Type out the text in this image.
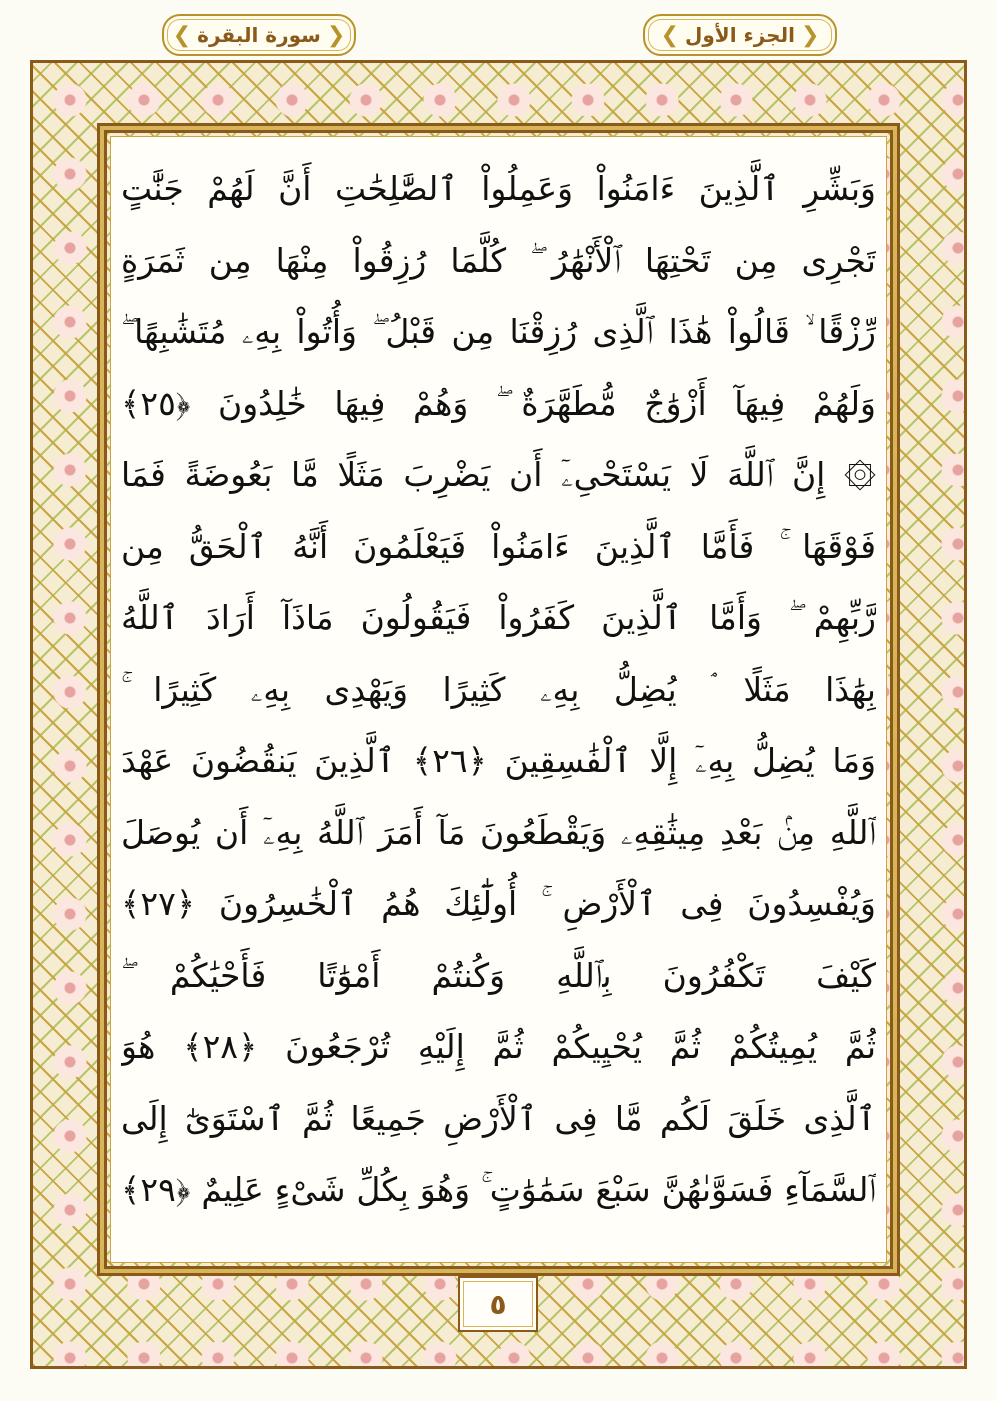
❮ سورة البقرة ❯	❮ الجزء الأول ❯
وَبَشِّرِ ٱلَّذِينَ ءَامَنُواْ وَعَمِلُواْ ٱلصَّٰلِحَٰتِ أَنَّ لَهُمْ جَنَّٰتٍ
تَجْرِى مِن تَحْتِهَا ٱلْأَنْهَٰرُ ۖ كُلَّمَا رُزِقُواْ مِنْهَا مِن ثَمَرَةٍ
رِّزْقًا ۙ قَالُواْ هَٰذَا ٱلَّذِى رُزِقْنَا مِن قَبْلُ ۖ وَأُتُواْ بِهِۦ مُتَشَٰبِهًا ۖ
وَلَهُمْ فِيهَآ أَزْوَٰجٌ مُّطَهَّرَةٌ ۖ وَهُمْ فِيهَا خَٰلِدُونَ ﴿٢٥﴾
۞ إِنَّ ٱللَّهَ لَا يَسْتَحْىِۦٓ أَن يَضْرِبَ مَثَلًا مَّا بَعُوضَةً فَمَا
فَوْقَهَا ۚ فَأَمَّا ٱلَّذِينَ ءَامَنُواْ فَيَعْلَمُونَ أَنَّهُ ٱلْحَقُّ مِن
رَّبِّهِمْ ۖ وَأَمَّا ٱلَّذِينَ كَفَرُواْ فَيَقُولُونَ مَاذَآ أَرَادَ ٱللَّهُ
بِهَٰذَا مَثَلًا ۘ يُضِلُّ بِهِۦ كَثِيرًا وَيَهْدِى بِهِۦ كَثِيرًا ۚ
وَمَا يُضِلُّ بِهِۦٓ إِلَّا ٱلْفَٰسِقِينَ ﴿٢٦﴾ ٱلَّذِينَ يَنقُضُونَ عَهْدَ
ٱللَّهِ مِنۢ بَعْدِ مِيثَٰقِهِۦ وَيَقْطَعُونَ مَآ أَمَرَ ٱللَّهُ بِهِۦٓ أَن يُوصَلَ
وَيُفْسِدُونَ فِى ٱلْأَرْضِ ۚ أُولَٰٓئِكَ هُمُ ٱلْخَٰسِرُونَ ﴿٢٧﴾
كَيْفَ تَكْفُرُونَ بِٱللَّهِ وَكُنتُمْ أَمْوَٰتًا فَأَحْيَٰكُمْ ۖ
ثُمَّ يُمِيتُكُمْ ثُمَّ يُحْيِيكُمْ ثُمَّ إِلَيْهِ تُرْجَعُونَ ﴿٢٨﴾ هُوَ
ٱلَّذِى خَلَقَ لَكُم مَّا فِى ٱلْأَرْضِ جَمِيعًا ثُمَّ ٱسْتَوَىٰٓ إِلَى
ٱلسَّمَآءِ فَسَوَّىٰهُنَّ سَبْعَ سَمَٰوَٰتٍ ۚ وَهُوَ بِكُلِّ شَىْءٍ عَلِيمٌ ﴿٢٩﴾
٥
